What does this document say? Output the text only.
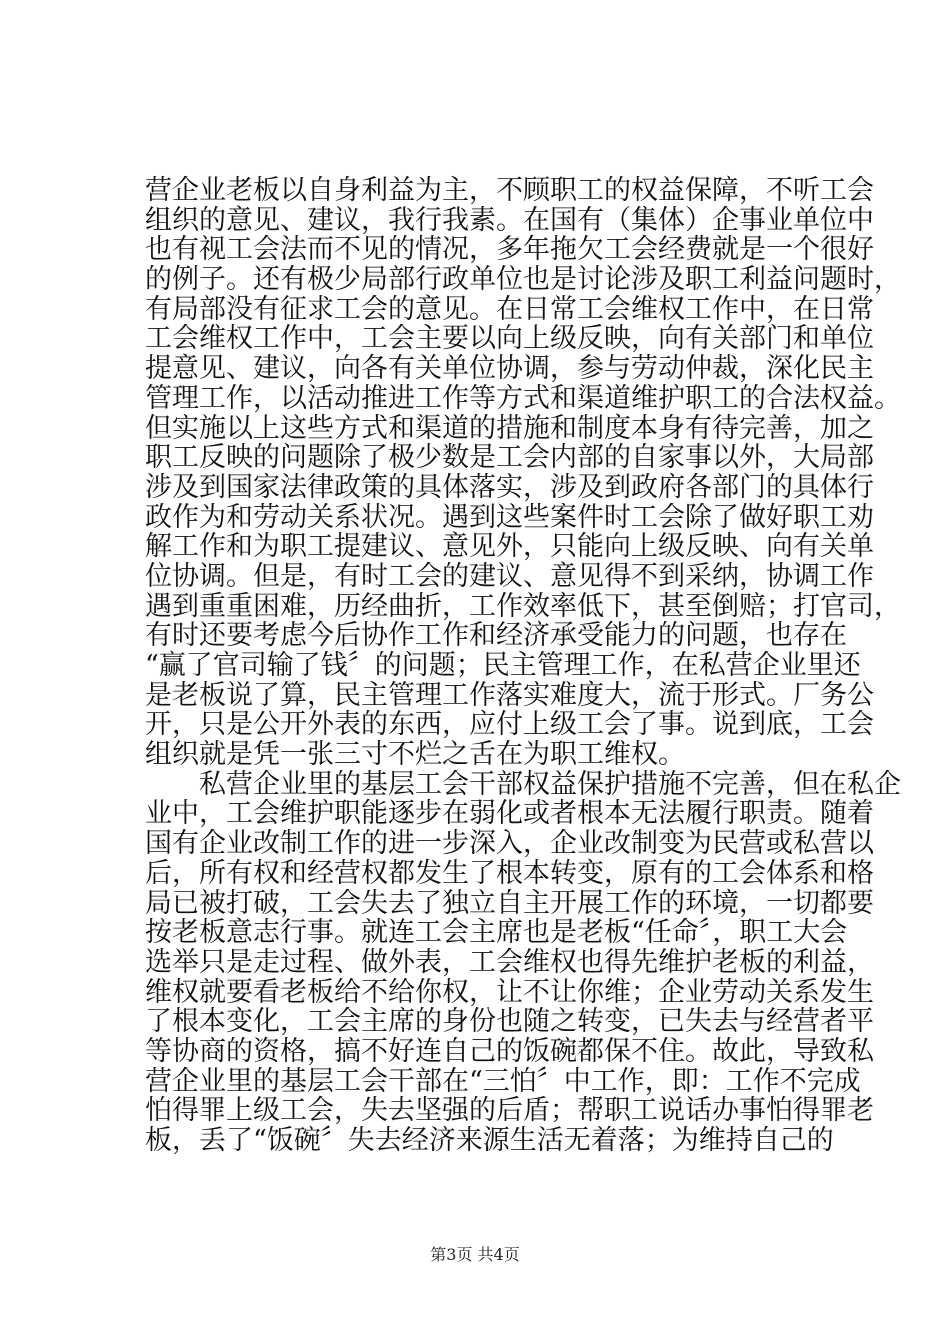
营企业老板以自身利益为主，不顾职工的权益保障，不听工会
组织的意见、建议，我行我素。在国有（集体）企事业单位中
也有视工会法而不见的情况，多年拖欠工会经费就是一个很好
的例子。还有极少局部行政单位也是讨论涉及职工利益问题时，
有局部没有征求工会的意见。在日常工会维权工作中，在日常
工会维权工作中，工会主要以向上级反映，向有关部门和单位
提意见、建议，向各有关单位协调，参与劳动仲裁，深化民主
管理工作，以活动推进工作等方式和渠道维护职工的合法权益。
但实施以上这些方式和渠道的措施和制度本身有待完善，加之
职工反映的问题除了极少数是工会内部的自家事以外，大局部
涉及到国家法律政策的具体落实，涉及到政府各部门的具体行
政作为和劳动关系状况。遇到这些案件时工会除了做好职工劝
解工作和为职工提建议、意见外，只能向上级反映、向有关单
位协调。但是，有时工会的建议、意见得不到采纳，协调工作
遇到重重困难，历经曲折，工作效率低下，甚至倒赔；打官司，
有时还要考虑今后协作工作和经济承受能力的问题，也存在
“赢了官司输了钱〞的问题；民主管理工作，在私营企业里还
是老板说了算，民主管理工作落实难度大，流于形式。厂务公
开，只是公开外表的东西，应付上级工会了事。说到底，工会
组织就是凭一张三寸不烂之舌在为职工维权。
　　私营企业里的基层工会干部权益保护措施不完善，但在私企
业中，工会维护职能逐步在弱化或者根本无法履行职责。随着
国有企业改制工作的进一步深入，企业改制变为民营或私营以
后，所有权和经营权都发生了根本转变，原有的工会体系和格
局已被打破，工会失去了独立自主开展工作的环境，一切都要
按老板意志行事。就连工会主席也是老板“任命〞，职工大会
选举只是走过程、做外表，工会维权也得先维护老板的利益，
维权就要看老板给不给你权，让不让你维；企业劳动关系发生
了根本变化，工会主席的身份也随之转变，已失去与经营者平
等协商的资格，搞不好连自己的饭碗都保不住。故此，导致私
营企业里的基层工会干部在“三怕〞中工作，即：工作不完成
怕得罪上级工会，失去坚强的后盾；帮职工说话办事怕得罪老
板，丢了“饭碗〞失去经济来源生活无着落；为维持自己的
第3页 共4页
